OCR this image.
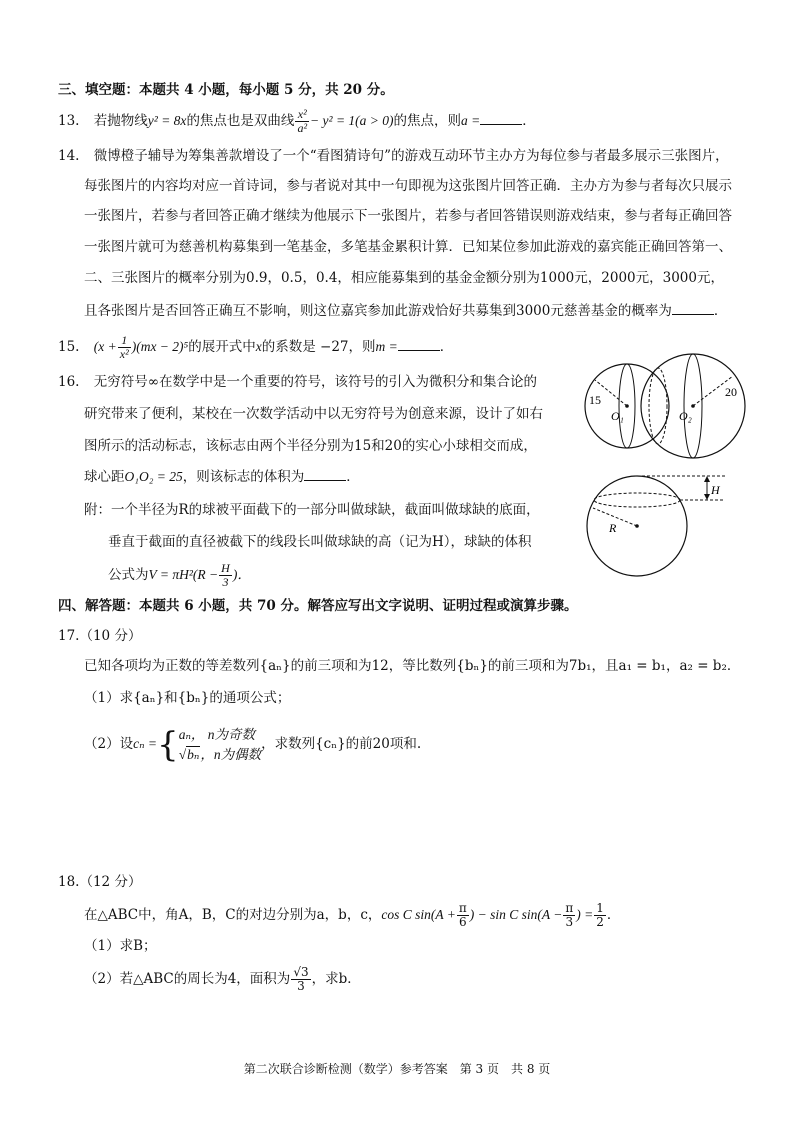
三、填空题：本题共 4 小题，每小题 5 分，共 20 分。
13. 若抛物线y² = 8x的焦点也是双曲线 $\frac{\text{x²}}{\text{a²}} - y^2 = 1(a > 0)$的焦点，则a =	．
14. 微博橙子辅导为筹集善款增设了一个“看图猜诗句”的游戏互动环节主办方为每位参与者最多展示三张图片，
每张图片的内容均对应一首诗词，参与者说对其中一句即视为这张图片回答正确．主办方为参与者每次只展示
一张图片，若参与者回答正确才继续为他展示下一张图片，若参与者回答错误则游戏结束，参与者每正确回答
一张图片就可为慈善机构募集到一笔基金，多笔基金累积计算．已知某位参加此游戏的嘉宾能正确回答第一、
二、三张图片的概率分别为0.9，0.5，0.4，相应能募集到的基金金额分别为1000元，2000元，3000元，
且各张图片是否回答正确互不影响，则这位嘉宾参加此游戏恰好共募集到3000元慈善基金的概率为	．
15. $(x + \frac{1}{\text{x²}} )(mx - 2)^5$的展开式中x的系数是 −27，则m =	．
16. 无穷符号∞在数学中是一个重要的符号，该符号的引入为微积分和集合论的
研究带来了便利，某校在一次数学活动中以无穷符号为创意来源，设计了如右
图所示的活动标志，该标志由两个半径分别为15和20的实心小球相交而成，
球心距O₁O₂ = 25，则该标志的体积为	．
附：一个半径为R的球被平面截下的一部分叫做球缺，截面叫做球缺的底面，
垂直于截面的直径被截下的线段长叫做球缺的高（记为H），球缺的体积
公式为$V = \pi H^2(R - \frac{H}{3}$ )．
15
20
O₁	O₂
H
R
四、解答题：本题共 6 小题，共 70 分。解答应写出文字说明、证明过程或演算步骤。
17.（10 分）
已知各项均为正数的等差数列{aₙ}的前三项和为12，等比数列{bₙ}的前三项和为7b₁，且a₁ = b₁，a₂ = b₂．
（1）求{aₙ}和{bₙ}的通项公式；
（2）设cₙ ={ aₙ， n为奇数
√bₙ，n为偶数
，求数列{cₙ}的前20项和.
18.（12 分）
在△ABC中，角A，B，C的对边分别为a，b，c，cos C $\sin(A + \frac{\pi}{6}$ ) − sin C $\sin(A - \frac{\pi}{3}$ ) = $\frac{1}{2}$ ．
（1）求B；
（2）若△ABC的周长为4，面积为 $\frac{√3}{3}$ ，求b．
第二次联合诊断检测（数学）参考答案　第 3 页　共 8 页
